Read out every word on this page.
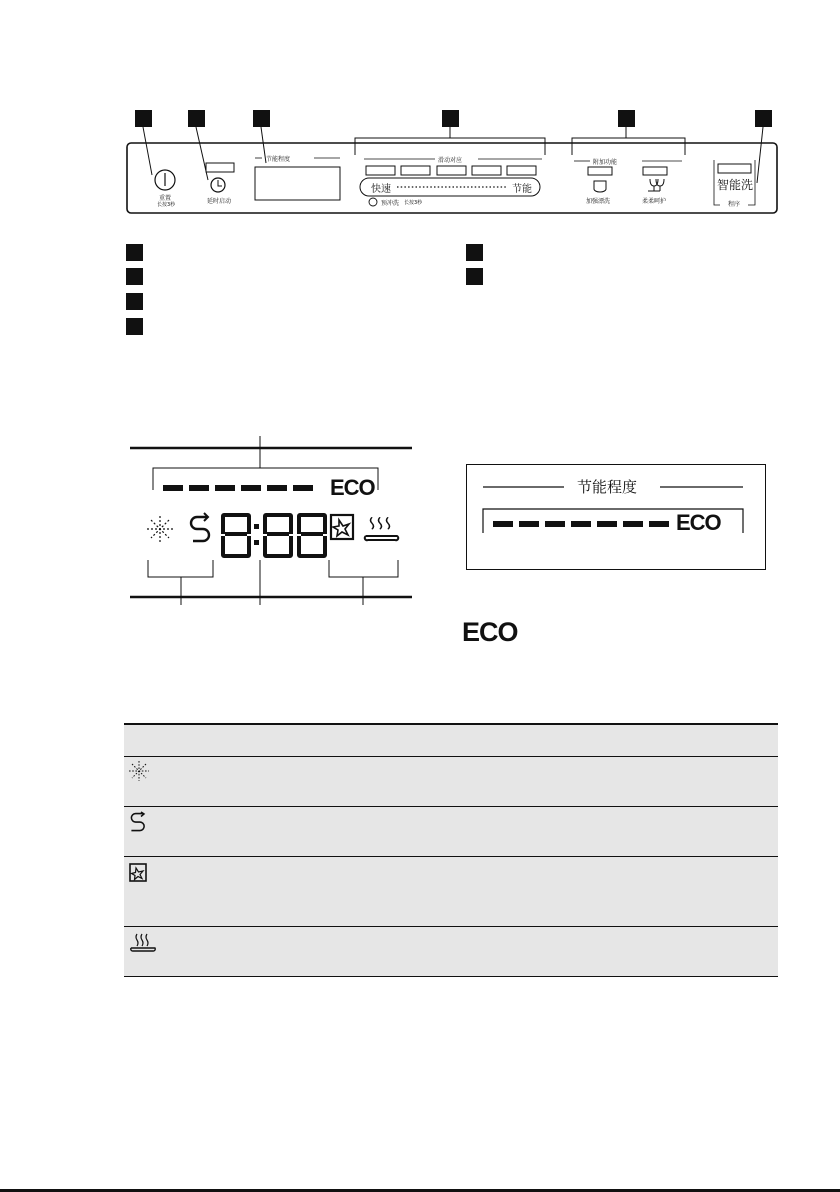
重置
长按3秒	延时启动
节能程度	滑动对应
快速	节能
预冲洗 长按3秒
附加功能
加强漂洗	柔柔呵护
智能洗
程序
ECO	节能程度
ECO
ECO
